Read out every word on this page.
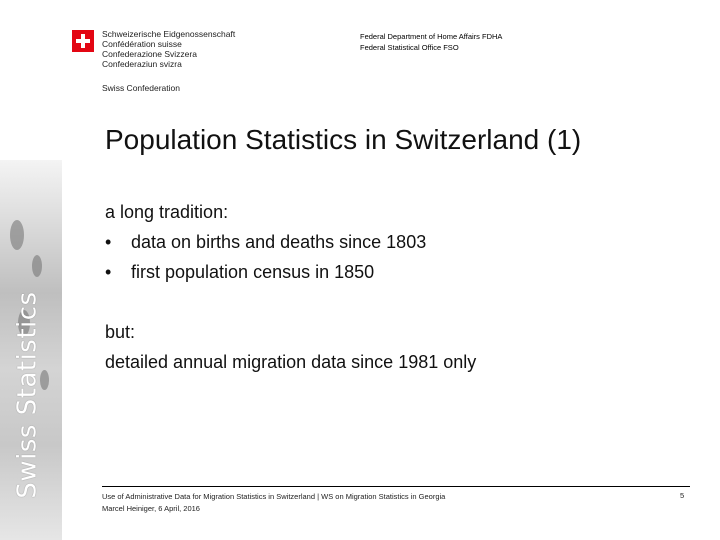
Swiss Statistics
Schweizerische Eidgenossenschaft
Confédération suisse
Confederazione Svizzera
Confederaziun svizra
Swiss Confederation
Federal Department of Home Affairs FDHA
Federal Statistical Office FSO
Population Statistics in Switzerland (1)
a long tradition:
•	data on births and deaths since 1803
•	first population census in 1850
but:
detailed annual migration data since 1981 only
Use of Administrative Data for Migration Statistics in Switzerland | WS on Migration Statistics in Georgia
Marcel Heiniger, 6 April, 2016
5
